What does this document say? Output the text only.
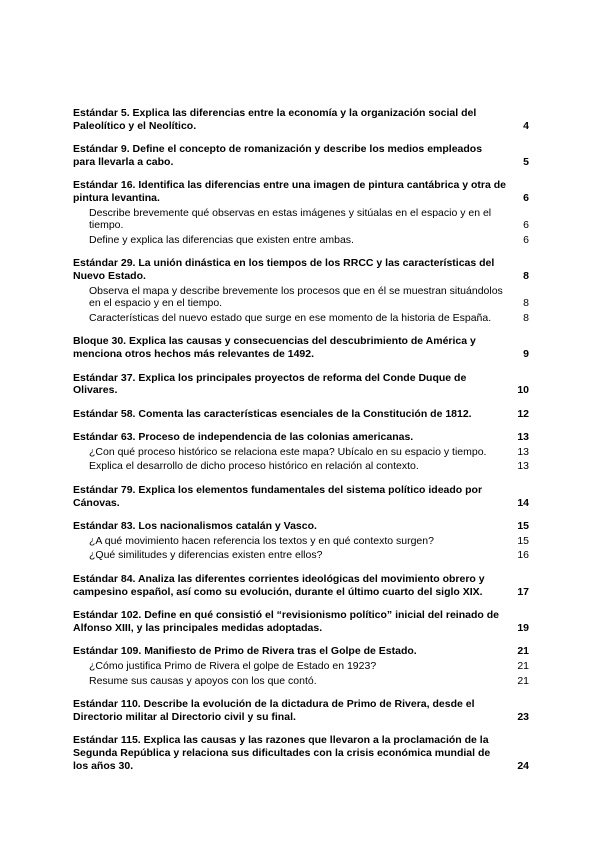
Estándar 5. Explica las diferencias entre la economía y la organización social del Paleolítico y el Neolítico.	4
Estándar 9. Define el concepto de romanización y describe los medios empleados para llevarla a cabo.	5
Estándar 16. Identifica las diferencias entre una imagen de pintura cantábrica y otra de pintura levantina.	6
Describe brevemente qué observas en estas imágenes y sitúalas en el espacio y en el tiempo.	6
Define y explica las diferencias que existen entre ambas.	6
Estándar 29. La unión dinástica en los tiempos de los RRCC y las características del Nuevo Estado.	8
Observa el mapa y describe brevemente los procesos que en él se muestran situándolos en el espacio y en el tiempo.	8
Características del nuevo estado que surge en ese momento de la historia de España.	8
Bloque 30. Explica las causas y consecuencias del descubrimiento de América y menciona otros hechos más relevantes de 1492.	9
Estándar 37. Explica los principales proyectos de reforma del Conde Duque de Olivares.	10
Estándar 58. Comenta las características esenciales de la Constitución de 1812.	12
Estándar 63. Proceso de independencia de las colonias americanas.	13
¿Con qué proceso histórico se relaciona este mapa? Ubícalo en su espacio y tiempo.	13
Explica el desarrollo de dicho proceso histórico en relación al contexto.	13
Estándar 79. Explica los elementos fundamentales del sistema político ideado por Cánovas.	14
Estándar 83. Los nacionalismos catalán y Vasco.	15
¿A qué movimiento hacen referencia los textos y en qué contexto surgen?	15
¿Qué similitudes y diferencias existen entre ellos?	16
Estándar 84. Analiza las diferentes corrientes ideológicas del movimiento obrero y campesino español, así como su evolución, durante el último cuarto del siglo XIX.	17
Estándar 102. Define en qué consistió el “revisionismo político” inicial del reinado de Alfonso XIII, y las principales medidas adoptadas.	19
Estándar 109. Manifiesto de Primo de Rivera tras el Golpe de Estado.	21
¿Cómo justifica Primo de Rivera el golpe de Estado en 1923?	21
Resume sus causas y apoyos con los que contó.	21
Estándar 110. Describe la evolución de la dictadura de Primo de Rivera, desde el Directorio militar al Directorio civil y su final.	23
Estándar 115. Explica las causas y las razones que llevaron a la proclamación de la Segunda República y relaciona sus dificultades con la crisis económica mundial de los años 30.	24
